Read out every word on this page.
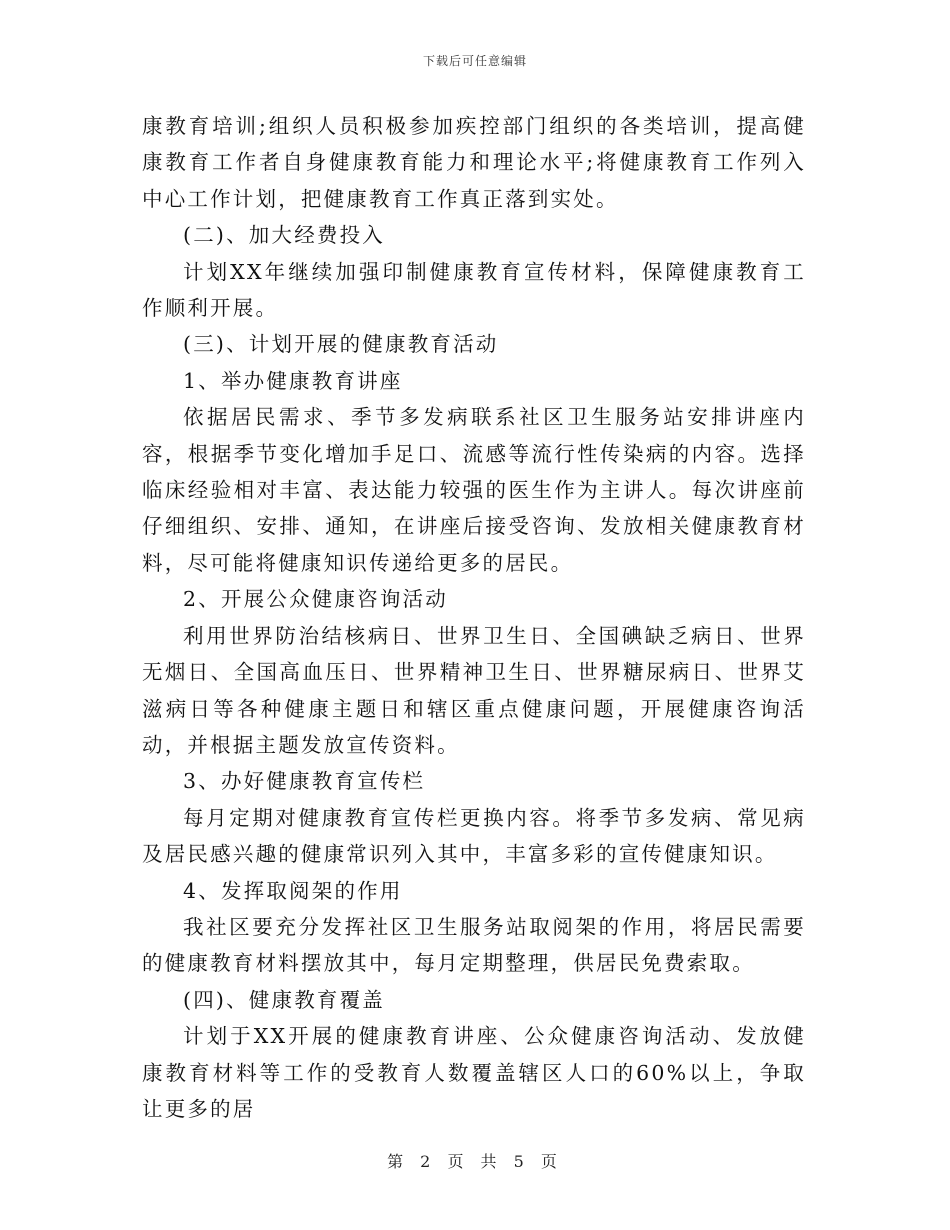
下载后可任意编辑

康教育培训;组织人员积极参加疾控部门组织的各类培训，提高健康教育工作者自身健康教育能力和理论水平;将健康教育工作列入中心工作计划，把健康教育工作真正落到实处。

(二)、加大经费投入

计划XX年继续加强印制健康教育宣传材料，保障健康教育工作顺利开展。

(三)、计划开展的健康教育活动

1、举办健康教育讲座

依据居民需求、季节多发病联系社区卫生服务站安排讲座内容，根据季节变化增加手足口、流感等流行性传染病的内容。选择临床经验相对丰富、表达能力较强的医生作为主讲人。每次讲座前仔细组织、安排、通知，在讲座后接受咨询、发放相关健康教育材料，尽可能将健康知识传递给更多的居民。

2、开展公众健康咨询活动

利用世界防治结核病日、世界卫生日、全国碘缺乏病日、世界无烟日、全国高血压日、世界精神卫生日、世界糖尿病日、世界艾滋病日等各种健康主题日和辖区重点健康问题，开展健康咨询活动，并根据主题发放宣传资料。

3、办好健康教育宣传栏

每月定期对健康教育宣传栏更换内容。将季节多发病、常见病及居民感兴趣的健康常识列入其中，丰富多彩的宣传健康知识。

4、发挥取阅架的作用

我社区要充分发挥社区卫生服务站取阅架的作用，将居民需要的健康教育材料摆放其中，每月定期整理，供居民免费索取。

(四)、健康教育覆盖

计划于XX开展的健康教育讲座、公众健康咨询活动、发放健康教育材料等工作的受教育人数覆盖辖区人口的60%以上，争取让更多的居

第 2 页 共 5 页
